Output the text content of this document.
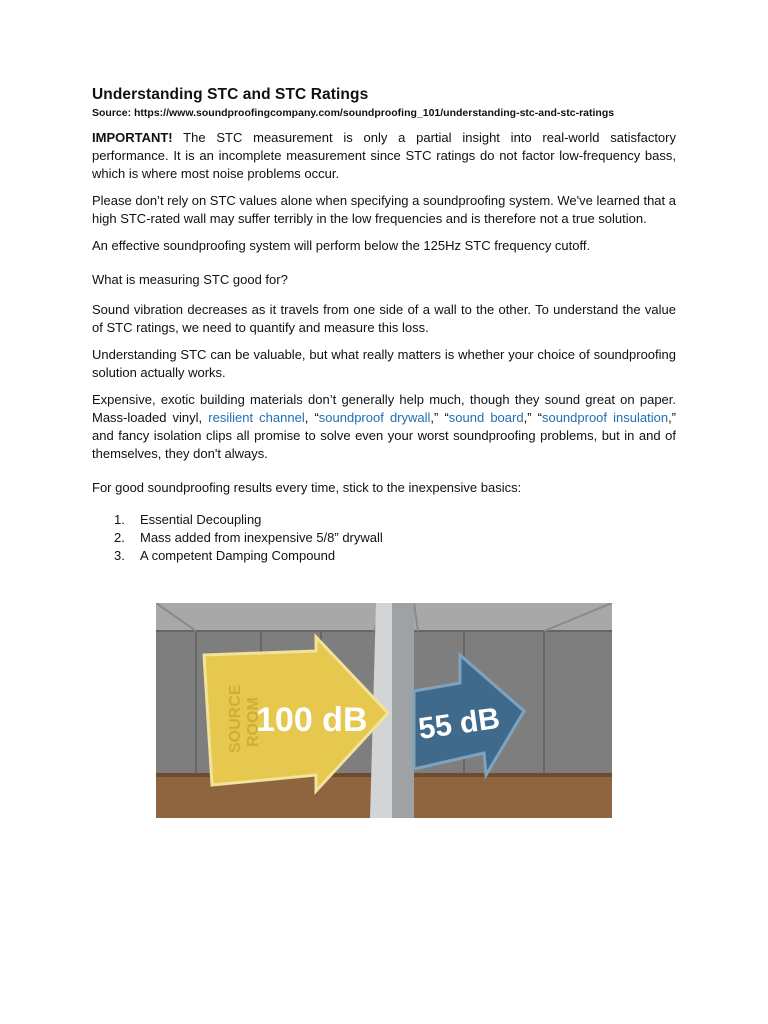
Understanding STC and STC Ratings
Source: https://www.soundproofingcompany.com/soundproofing_101/understanding-stc-and-stc-ratings

IMPORTANT! The STC measurement is only a partial insight into real-world satisfactory performance. It is an incomplete measurement since STC ratings do not factor low-frequency bass, which is where most noise problems occur.

Please don’t rely on STC values alone when specifying a soundproofing system. We've learned that a high STC-rated wall may suffer terribly in the low frequencies and is therefore not a true solution.

An effective soundproofing system will perform below the 125Hz STC frequency cutoff.

What is measuring STC good for?

Sound vibration decreases as it travels from one side of a wall to the other. To understand the value of STC ratings, we need to quantify and measure this loss.

Understanding STC can be valuable, but what really matters is whether your choice of soundproofing solution actually works.

Expensive, exotic building materials don’t generally help much, though they sound great on paper. Mass-loaded vinyl, resilient channel, “soundproof drywall,” “sound board,” “soundproof insulation,” and fancy isolation clips all promise to solve even your worst soundproofing problems, but in and of themselves, they don't always.

For good soundproofing results every time, stick to the inexpensive basics:

1.	Essential Decoupling
2.	Mass added from inexpensive 5/8” drywall
3.	A competent Damping Compound
SOURCE ROOM
100 dB 55 dB
